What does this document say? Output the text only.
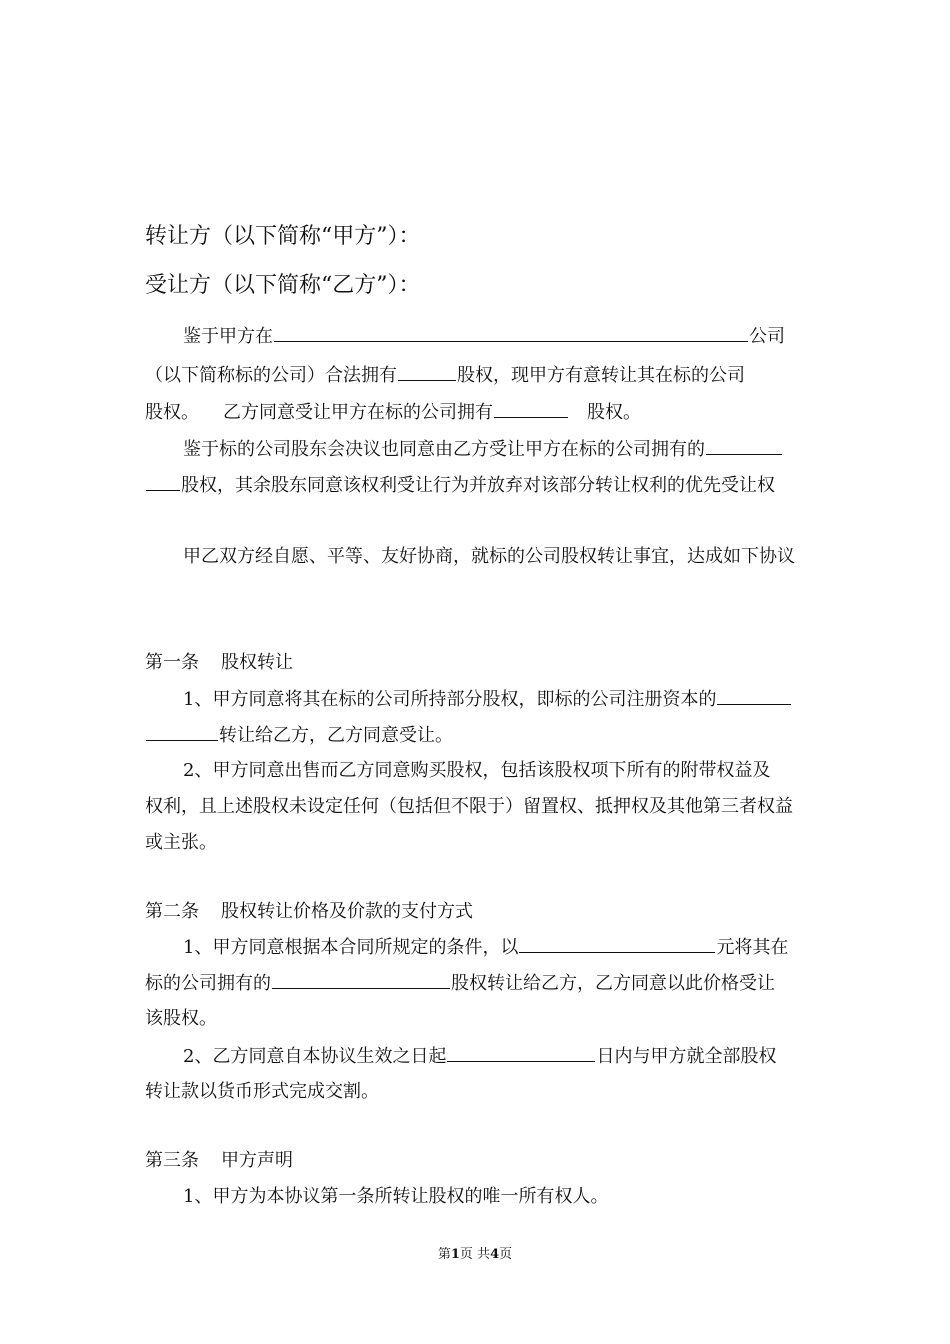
转让方（以下简称“甲方”）：
受让方（以下简称“乙方”）：
鉴于甲方在	公司
（以下简称标的公司）合法拥有	股权，现甲方有意转让其在标的公司
股权。 乙方同意受让甲方在标的公司拥有	股权。
鉴于标的公司股东会决议也同意由乙方受让甲方在标的公司拥有的
股权，其余股东同意该权利受让行为并放弃对该部分转让权利的优先受让权
甲乙双方经自愿、平等、友好协商，就标的公司股权转让事宜，达成如下协议
第一条 股权转让
1、甲方同意将其在标的公司所持部分股权，即标的公司注册资本的
转让给乙方，乙方同意受让。
2、甲方同意出售而乙方同意购买股权，包括该股权项下所有的附带权益及
权利，且上述股权未设定任何（包括但不限于）留置权、抵押权及其他第三者权益
或主张。
第二条 股权转让价格及价款的支付方式
1、甲方同意根据本合同所规定的条件，以	元将其在
标的公司拥有的	股权转让给乙方，乙方同意以此价格受让
该股权。
2、乙方同意自本协议生效之日起	日内与甲方就全部股权
转让款以货币形式完成交割。
第三条 甲方声明
1、甲方为本协议第一条所转让股权的唯一所有权人。
第1页 共4页
